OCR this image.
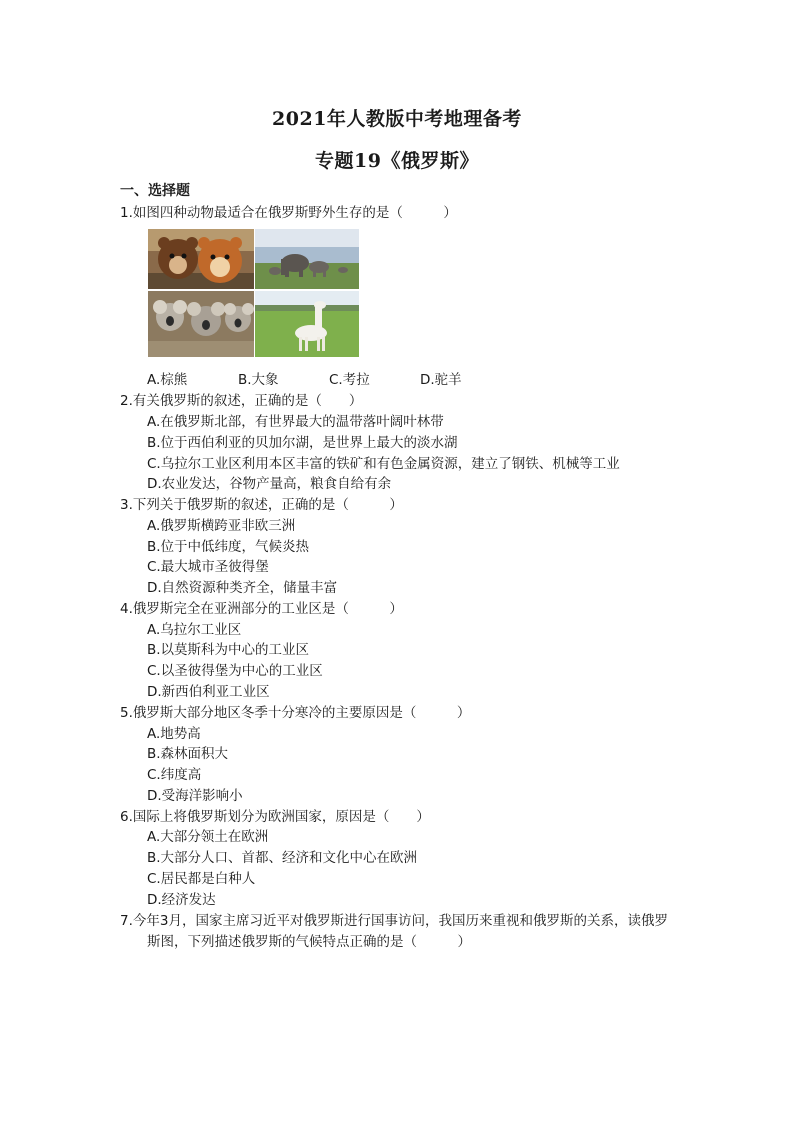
2021年人教版中考地理备考
专题19《俄罗斯》
一、选择题
1.如图四种动物最适合在俄罗斯野外生存的是（　　　）
A.棕熊	B.大象	C.考拉	D.驼羊
2.有关俄罗斯的叙述，正确的是（　　）
A.在俄罗斯北部，有世界最大的温带落叶阔叶林带
B.位于西伯利亚的贝加尔湖，是世界上最大的淡水湖
C.乌拉尔工业区利用本区丰富的铁矿和有色金属资源，建立了钢铁、机械等工业
D.农业发达，谷物产量高，粮食自给有余
3.下列关于俄罗斯的叙述，正确的是（　　　）
A.俄罗斯横跨亚非欧三洲
B.位于中低纬度，气候炎热
C.最大城市圣彼得堡
D.自然资源种类齐全，储量丰富
4.俄罗斯完全在亚洲部分的工业区是（　　　）
A.乌拉尔工业区
B.以莫斯科为中心的工业区
C.以圣彼得堡为中心的工业区
D.新西伯利亚工业区
5.俄罗斯大部分地区冬季十分寒冷的主要原因是（　　　）
A.地势高
B.森林面积大
C.纬度高
D.受海洋影响小
6.国际上将俄罗斯划分为欧洲国家，原因是（　　）
A.大部分领土在欧洲
B.大部分人口、首都、经济和文化中心在欧洲
C.居民都是白种人
D.经济发达
7.今年3月，国家主席习近平对俄罗斯进行国事访问，我国历来重视和俄罗斯的关系，读俄罗
斯图，下列描述俄罗斯的气候特点正确的是（　　　）
